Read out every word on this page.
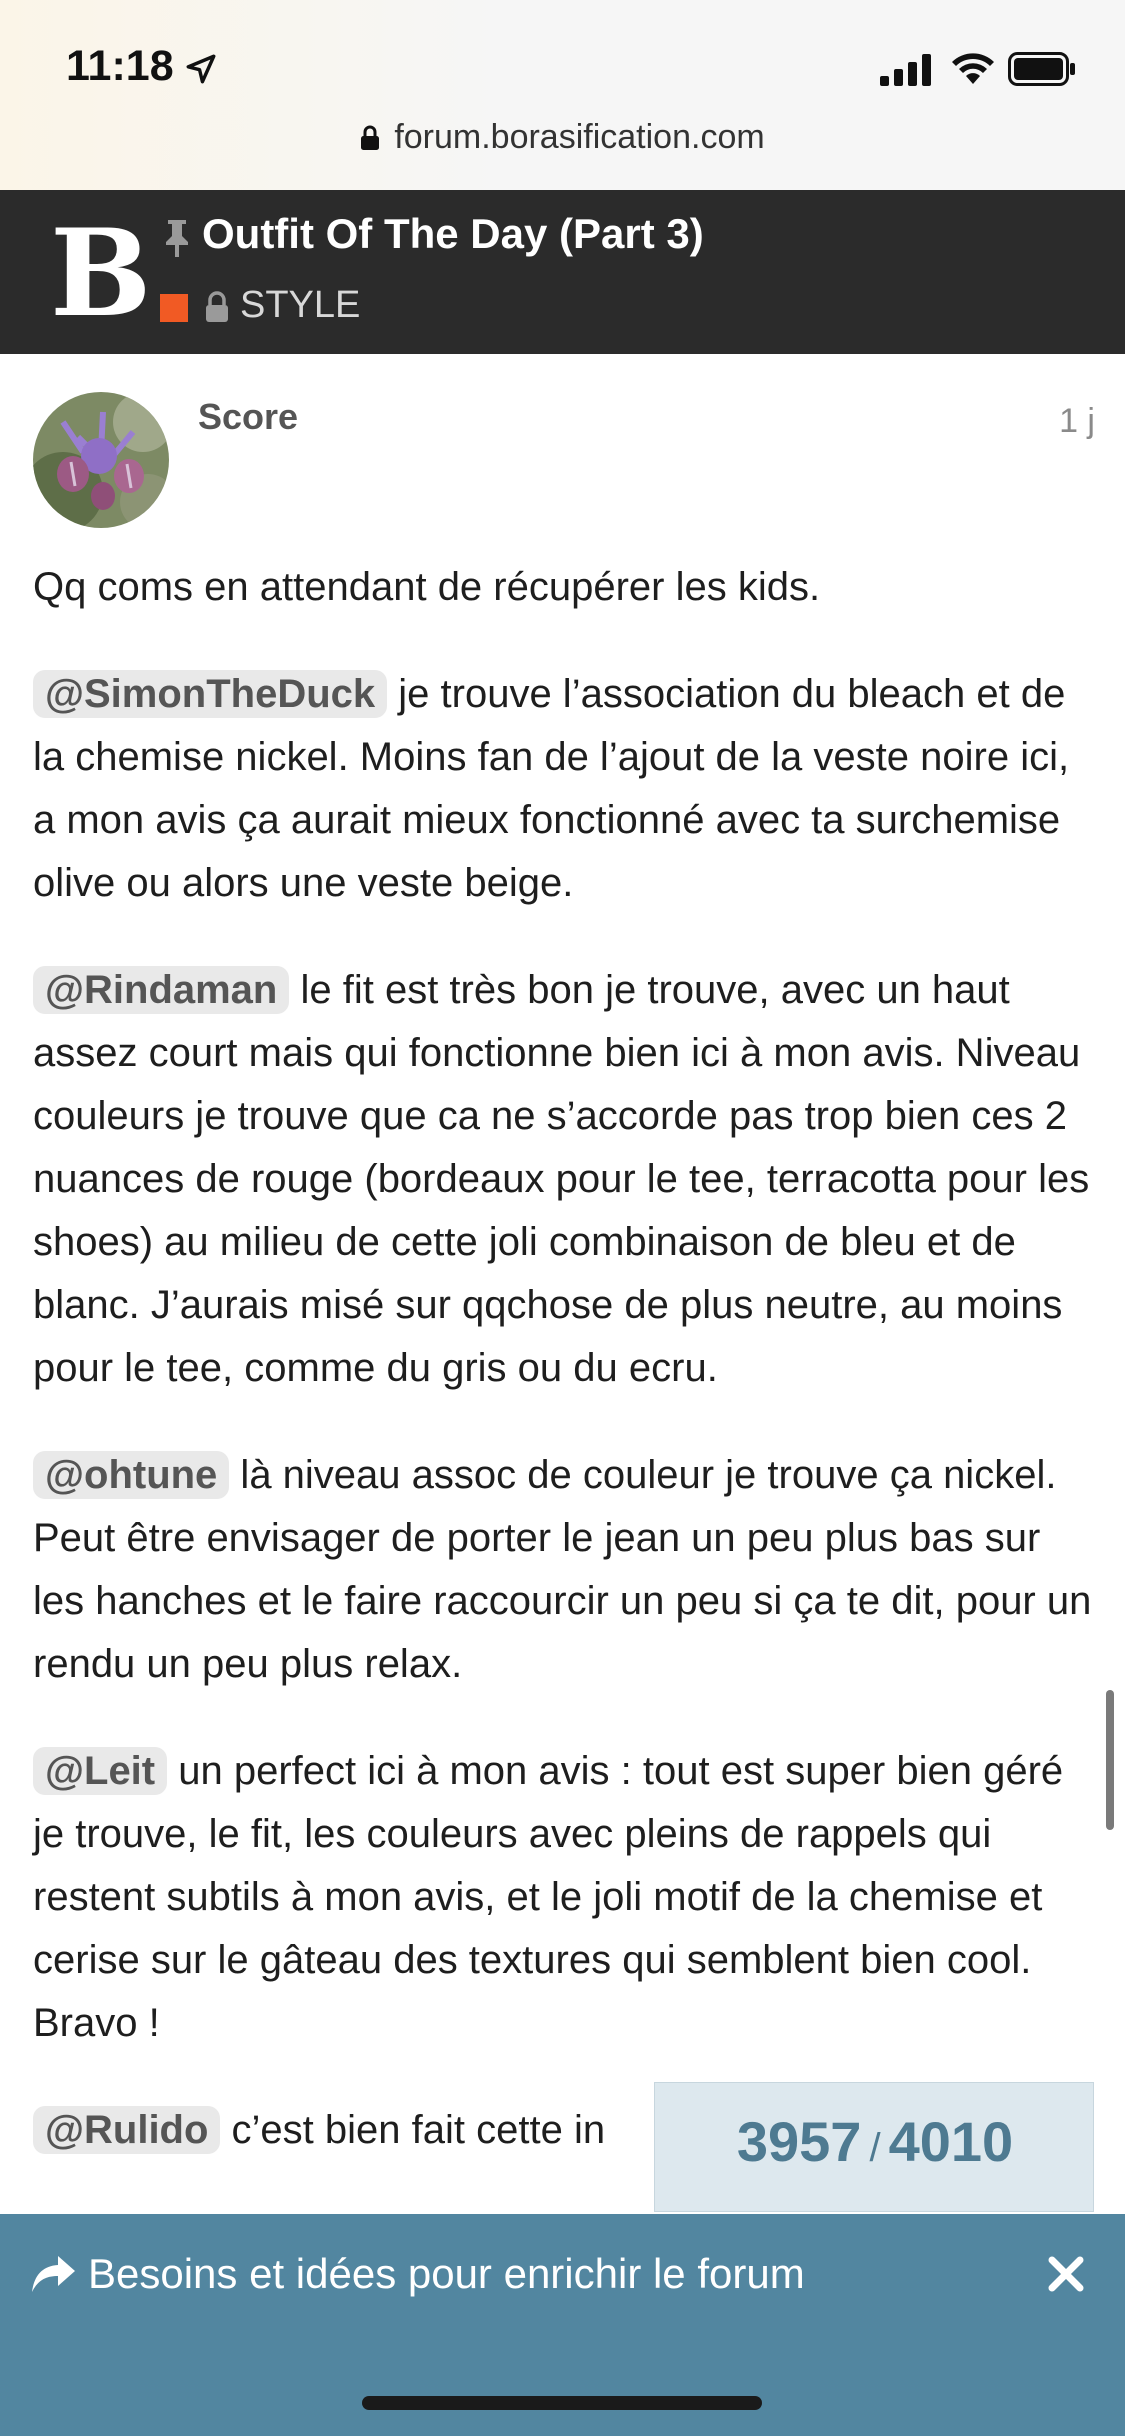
11:18
forum.borasification.com
B Outfit Of The Day (Part 3)
STYLE
Score	1 j

Qq coms en attendant de récupérer les kids.

@SimonTheDuck je trouve l’association du bleach et de la chemise nickel. Moins fan de l’ajout de la veste noire ici, a mon avis ça aurait mieux fonctionné avec ta surchemise olive ou alors une veste beige.

@Rindaman le fit est très bon je trouve, avec un haut assez court mais qui fonctionne bien ici à mon avis. Niveau couleurs je trouve que ca ne s’accorde pas trop bien ces 2 nuances de rouge (bordeaux pour le tee, terracotta pour les shoes) au milieu de cette joli combinaison de bleu et de blanc. J’aurais misé sur qqchose de plus neutre, au moins pour le tee, comme du gris ou du ecru.

@ohtune là niveau assoc de couleur je trouve ça nickel. Peut être envisager de porter le jean un peu plus bas sur les hanches et le faire raccourcir un peu si ça te dit, pour un rendu un peu plus relax.

@Leit un perfect ici à mon avis : tout est super bien géré je trouve, le fit, les couleurs avec pleins de rappels qui restent subtils à mon avis, et le joli motif de la chemise et cerise sur le gâteau des textures qui semblent bien cool. Bravo !

@Rulido c’est bien fait cette in	3957 / 4010
Besoins et idées pour enrichir le forum
